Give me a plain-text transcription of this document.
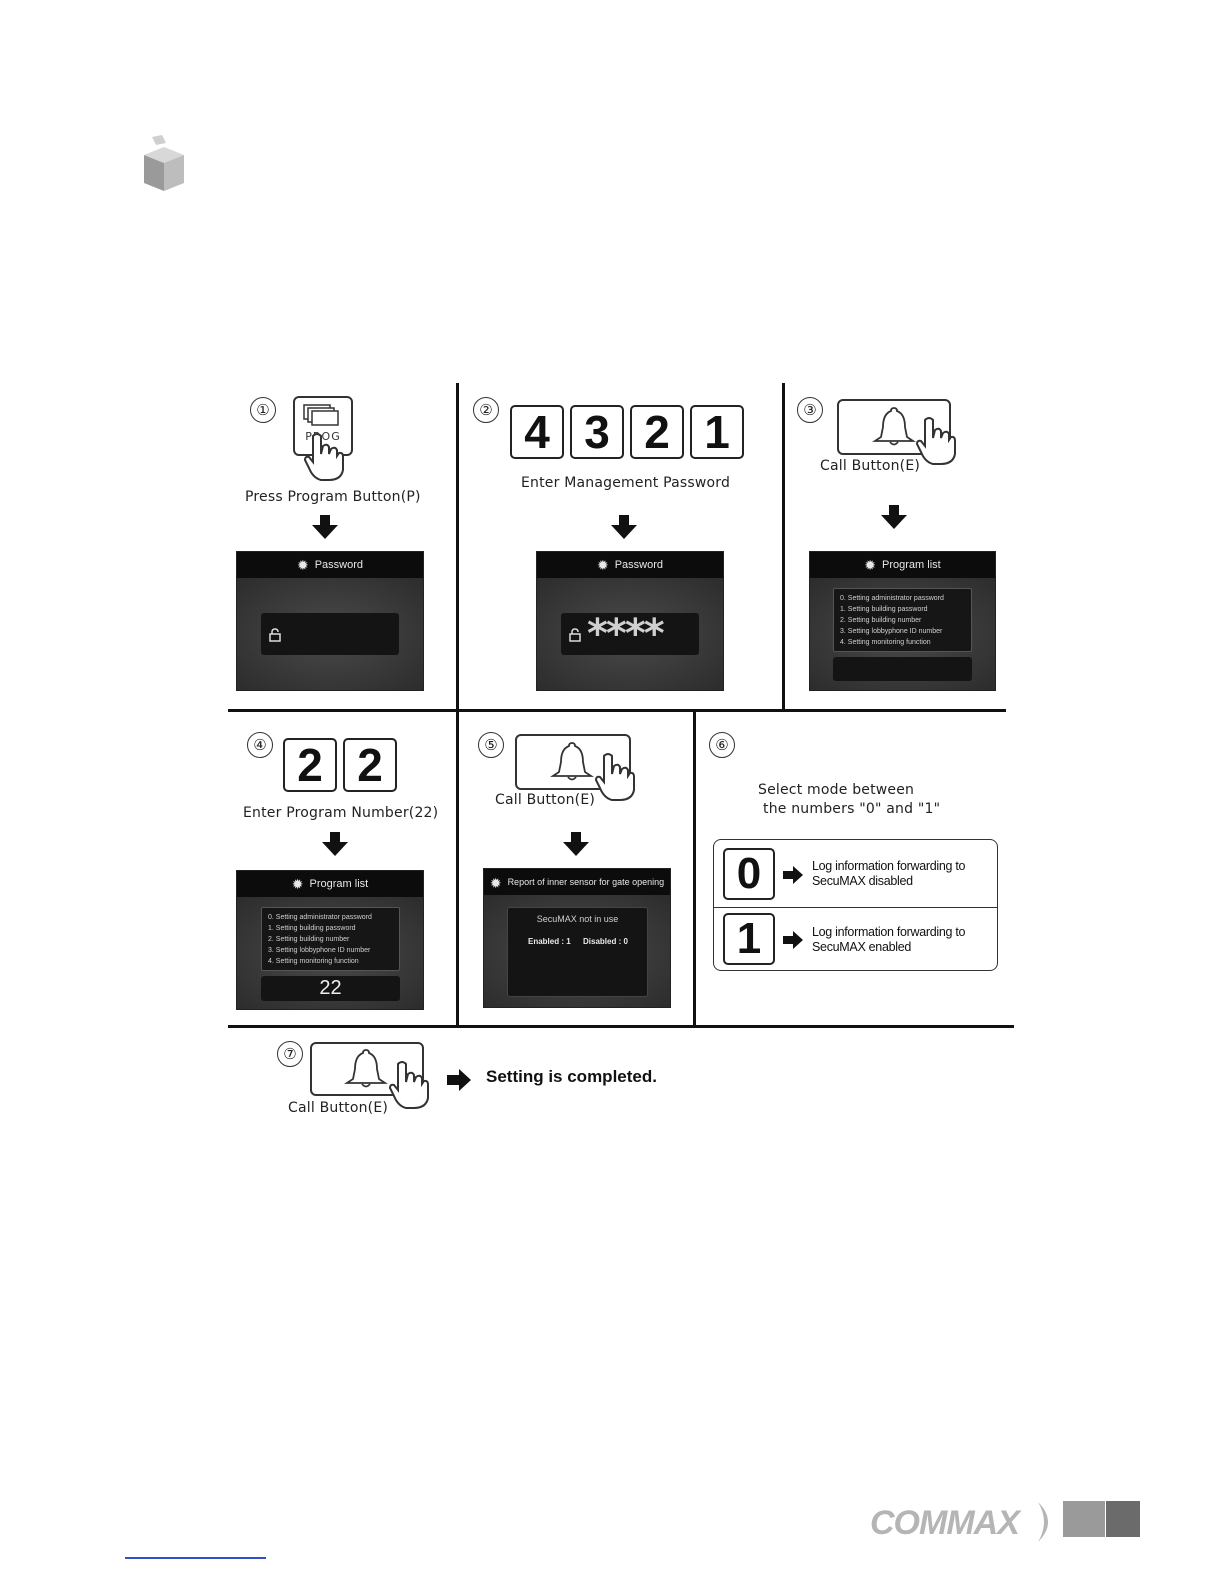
①
PROG
Press Program Button(P)
✹ Password
② 4 3 2 1
Enter Management Password
✹ Password
****
③
Call Button(E)
✹ Program list
0. Setting administrator password
1. Setting building password
2. Setting building number
3. Setting lobbyphone ID number
4. Setting monitoring function
④ 2 2
Enter Program Number(22)
✹ Program list
0. Setting administrator password
1. Setting building password
2. Setting building number
3. Setting lobbyphone ID number
4. Setting monitoring function
22
⑤
Call Button(E)
✹ Report of inner sensor for gate opening
SecuMAX not in use
Enabled : 1 Disabled : 0
⑥
Select mode between
the numbers "0" and "1"
0	Log information forwarding to
SecuMAX disabled
1	Log information forwarding to
SecuMAX enabled
⑦
Call Button(E)
Setting is completed.
COMMAX
